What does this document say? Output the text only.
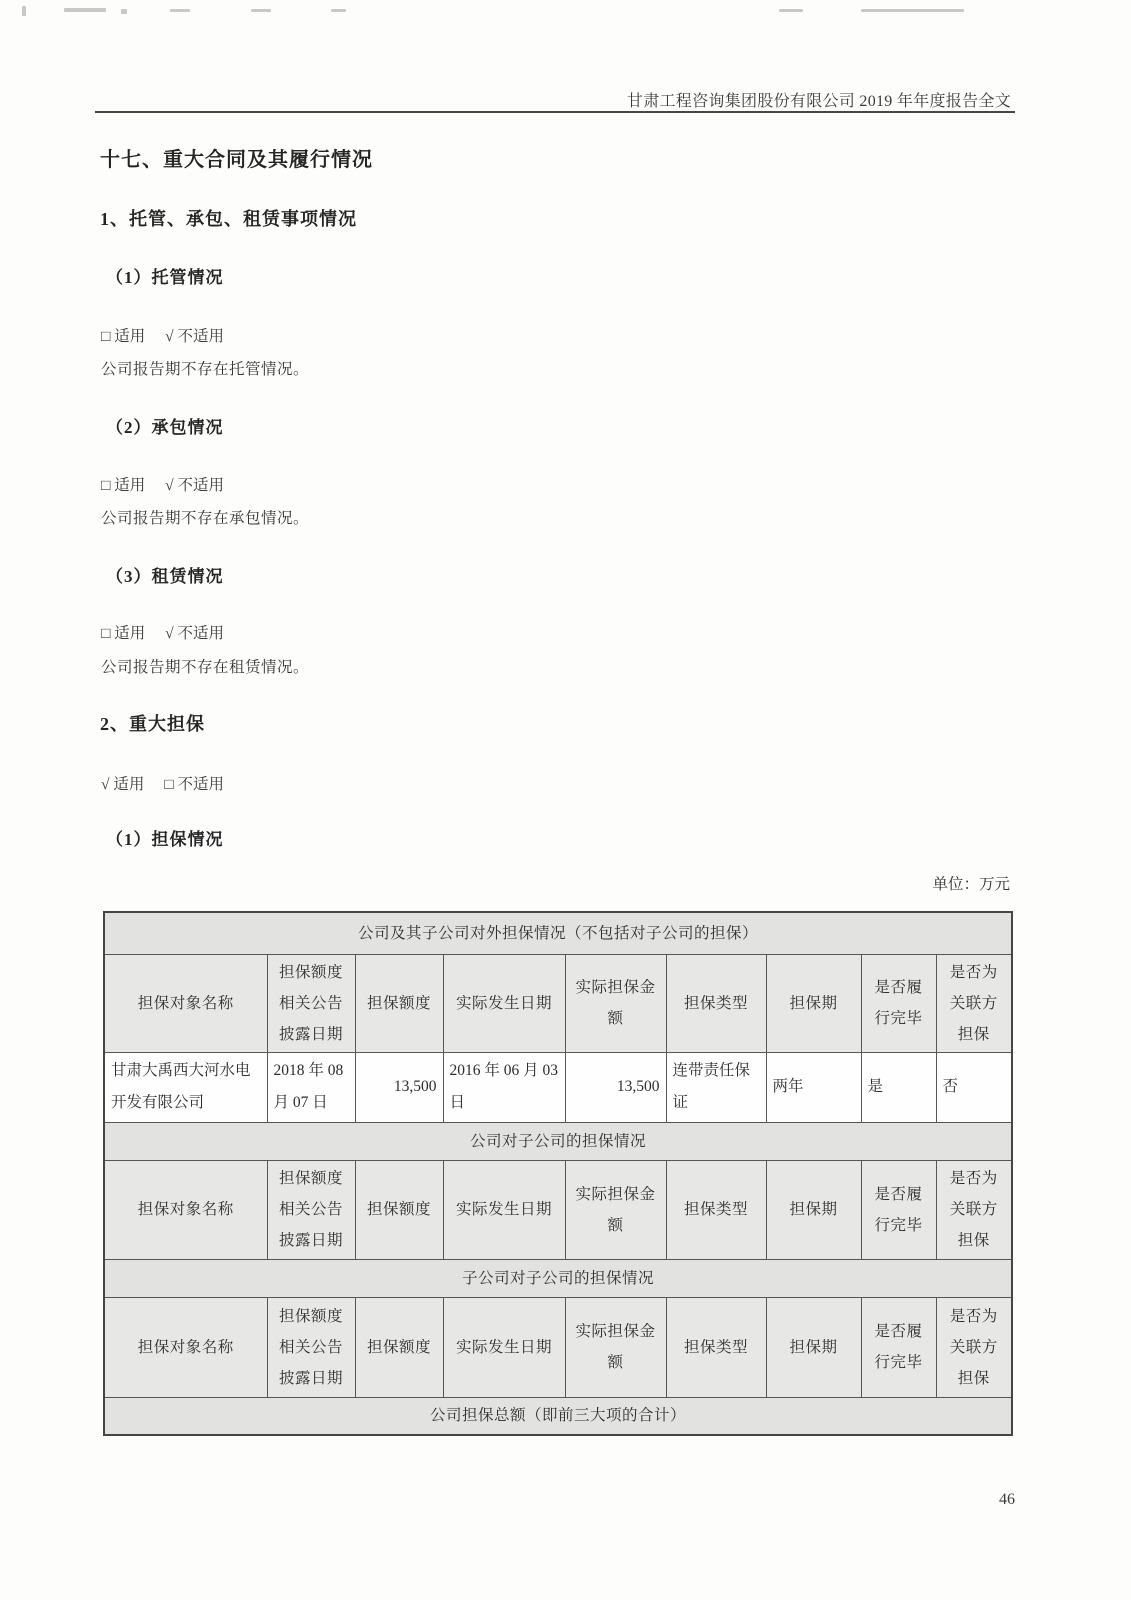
甘肃工程咨询集团股份有限公司 2019 年年度报告全文
十七、重大合同及其履行情况
1、托管、承包、租赁事项情况
（1）托管情况
□ 适用 √ 不适用
公司报告期不存在托管情况。
（2）承包情况
□ 适用 √ 不适用
公司报告期不存在承包情况。
（3）租赁情况
□ 适用 √ 不适用
公司报告期不存在租赁情况。
2、重大担保
√ 适用 □ 不适用
（1）担保情况
单位：万元
公司及其子公司对外担保情况（不包括对子公司的担保）								
担保对象名称	担保额度相关公告披露日期	担保额度	实际发生日期	实际担保金额	担保类型	担保期	是否履行完毕	是否为关联方担保
甘肃大禹西大河水电开发有限公司	2018 年 08 月 07 日	13,500	2016 年 06 月 03 日	13,500	连带责任保证	两年	是	否
公司对子公司的担保情况								
担保对象名称	担保额度相关公告披露日期	担保额度	实际发生日期	实际担保金额	担保类型	担保期	是否履行完毕	是否为关联方担保
子公司对子公司的担保情况								
担保对象名称	担保额度相关公告披露日期	担保额度	实际发生日期	实际担保金额	担保类型	担保期	是否履行完毕	是否为关联方担保
公司担保总额（即前三大项的合计）								
46
